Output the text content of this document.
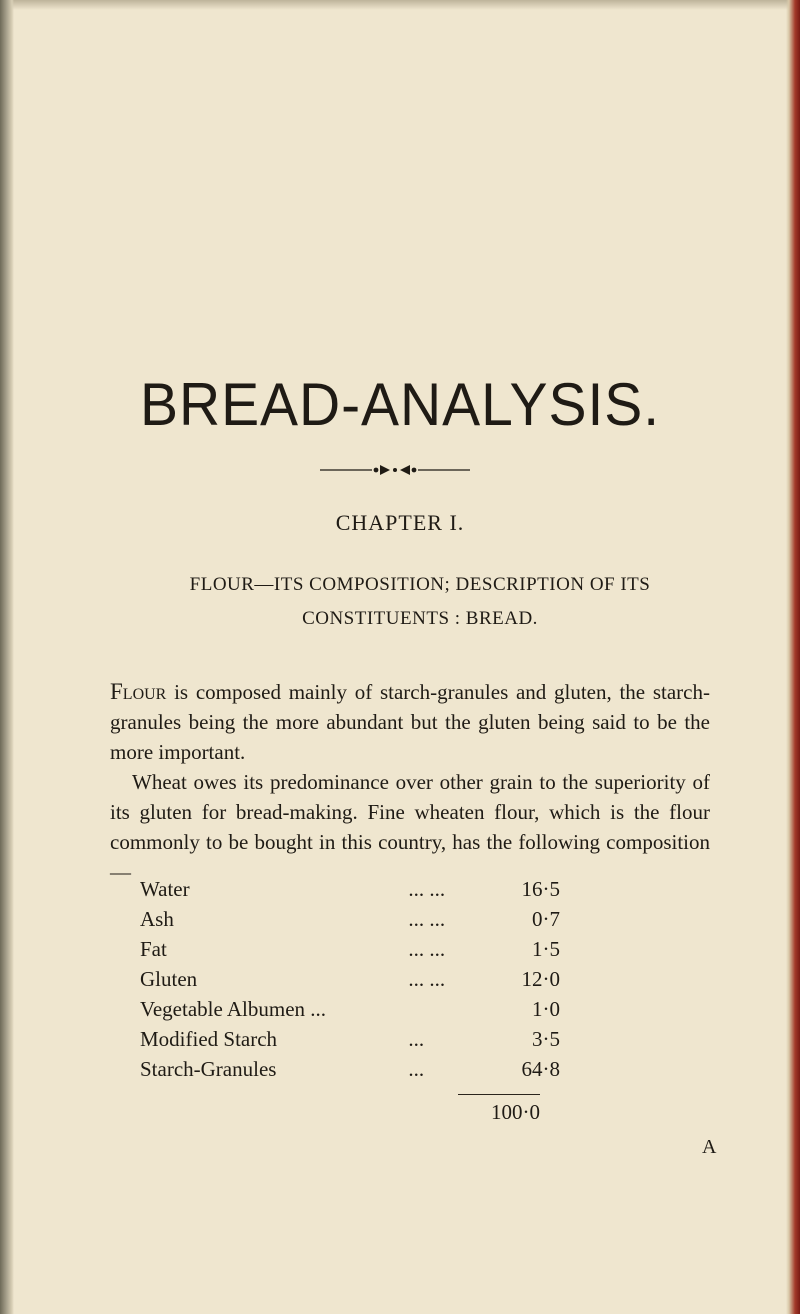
BREAD-ANALYSIS.
CHAPTER I.
FLOUR—ITS COMPOSITION; DESCRIPTION OF ITS
CONSTITUENTS : BREAD.

Flour is composed mainly of starch-granules and gluten, the starch-granules being the more abundant but the gluten being said to be the more important.

Wheat owes its predominance over other grain to the superiority of its gluten for bread-making. Fine wheaten flour, which is the flour commonly to be bought in this country, has the following composition—

Water	... ...	16·5
Ash	... ...	0·7
Fat	... ...	1·5
Gluten	... ...	12·0
Vegetable Albumen ...		1·0
Modified Starch	...	3·5
Starch-Granules	...	64·8
100·0
A
